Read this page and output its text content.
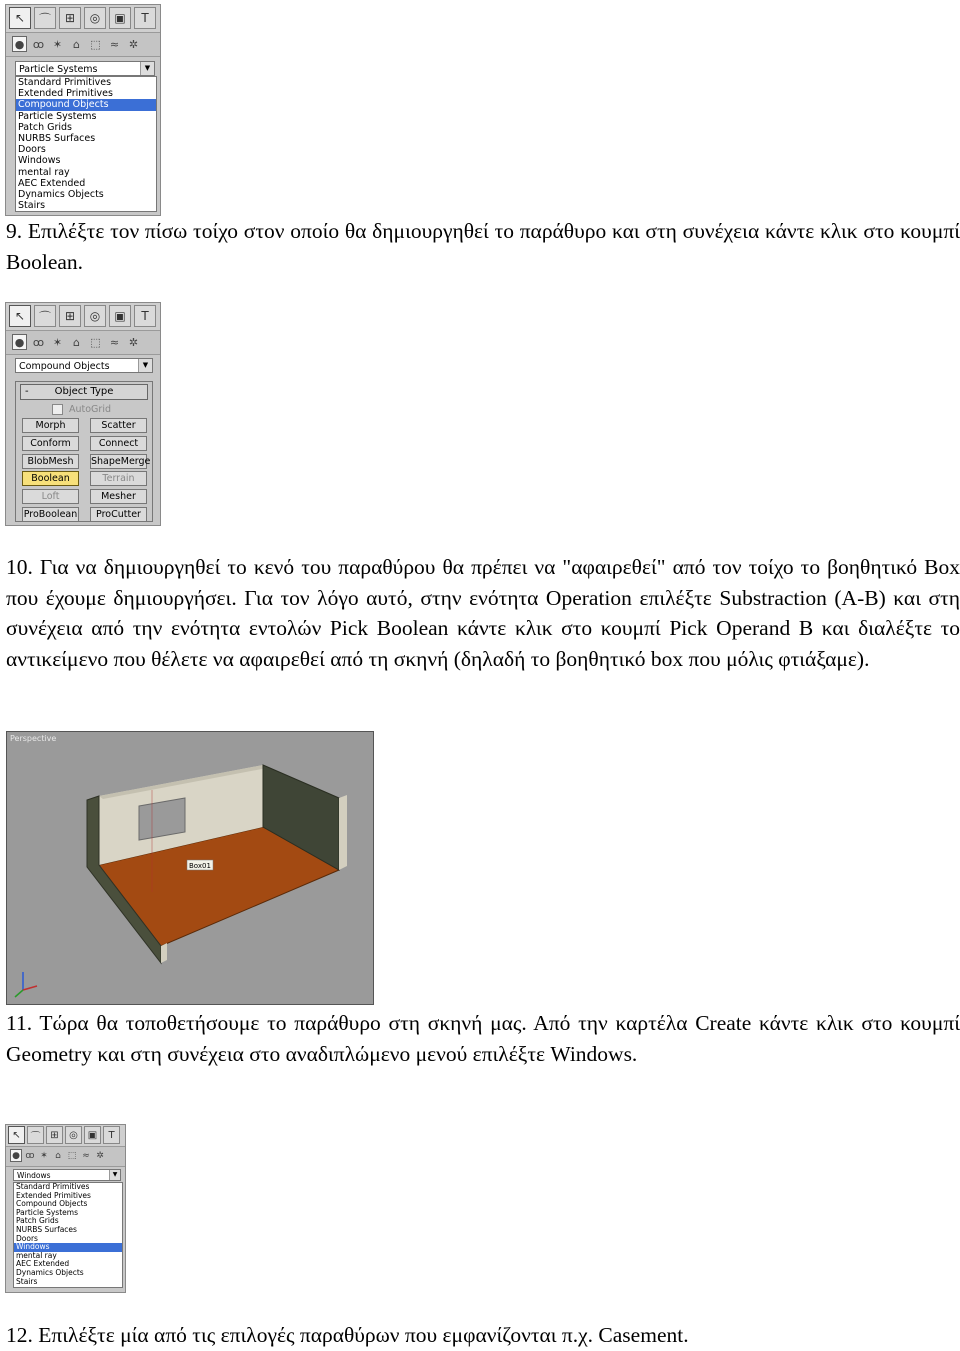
↖	⌒	⊞	◎	▣	T
● ꝏ ✶ ⌂ ⬚ ≈ ✲
Particle Systems	▼
Standard Primitives
Extended Primitives
Compound Objects
Particle Systems
Patch Grids
NURBS Surfaces
Doors
Windows
mental ray
AEC Extended
Dynamics Objects
Stairs

9. Επιλέξτε τον πίσω τοίχο στον οποίο θα δημιουργηθεί το παράθυρο και στη συνέχεια κάντε κλικ στο κουμπί Boolean.

↖	⌒	⊞	◎	▣	T
● ꝏ ✶ ⌂ ⬚ ≈ ✲
Compound Objects	▼
-	Object Type
AutoGrid
Morph	Scatter
Conform	Connect
BlobMesh	ShapeMerge
Boolean	Terrain
Loft	Mesher
ProBoolean	ProCutter

10. Για να δημιουργηθεί το κενό του παραθύρου θα πρέπει να "αφαιρεθεί" από τον τοίχο το βοηθητικό Box που έχουμε δημιουργήσει. Για τον λόγο αυτό, στην ενότητα Operation επιλέξτε Substraction (A-B) και στη συνέχεια από την ενότητα εντολών Pick Boolean κάντε κλικ στο κουμπί Pick Operand B και διαλέξτε το αντικείμενο που θέλετε να αφαιρεθεί από τη σκηνή (δηλαδή το βοηθητικό box που μόλις φτιάξαμε).

Box01
Perspective

11. Τώρα θα τοποθετήσουμε το παράθυρο στη σκηνή μας. Από την καρτέλα Create κάντε κλικ στο κουμπί Geometry και στη συνέχεια στο αναδιπλώμενο μενού επιλέξτε Windows.

↖ ⌒ ⊞	◎ ▣	T
● ꝏ ✶ ⌂ ⬚ ≈ ✲
Windows	▼
Standard Primitives
Extended Primitives
Compound Objects
Particle Systems
Patch Grids
NURBS Surfaces
Doors
Windows
mental ray
AEC Extended
Dynamics Objects
Stairs

12. Επιλέξτε μία από τις επιλογές παραθύρων που εμφανίζονται π.χ. Casement.
